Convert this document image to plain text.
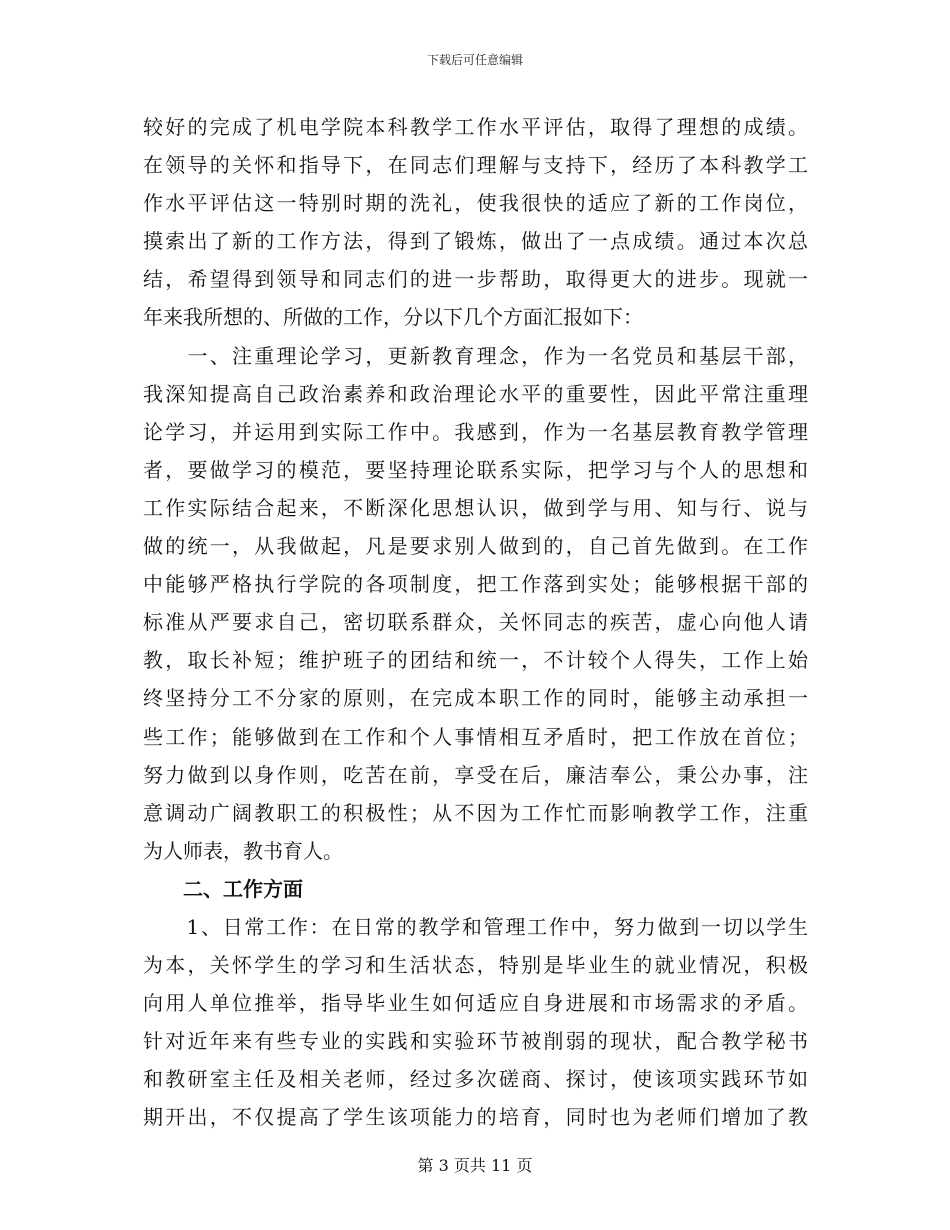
下载后可任意编辑
较好的完成了机电学院本科教学工作水平评估，取得了理想的成绩。
在领导的关怀和指导下，在同志们理解与支持下，经历了本科教学工
作水平评估这一特别时期的洗礼，使我很快的适应了新的工作岗位，
摸索出了新的工作方法，得到了锻炼，做出了一点成绩。通过本次总
结，希望得到领导和同志们的进一步帮助，取得更大的进步。现就一
年来我所想的、所做的工作，分以下几个方面汇报如下：
　　一、注重理论学习，更新教育理念，作为一名党员和基层干部，
我深知提高自己政治素养和政治理论水平的重要性，因此平常注重理
论学习，并运用到实际工作中。我感到，作为一名基层教育教学管理
者，要做学习的模范，要坚持理论联系实际，把学习与个人的思想和
工作实际结合起来，不断深化思想认识，做到学与用、知与行、说与
做的统一，从我做起，凡是要求别人做到的，自己首先做到。在工作
中能够严格执行学院的各项制度，把工作落到实处；能够根据干部的
标准从严要求自己，密切联系群众，关怀同志的疾苦，虚心向他人请
教，取长补短；维护班子的团结和统一，不计较个人得失，工作上始
终坚持分工不分家的原则，在完成本职工作的同时，能够主动承担一
些工作；能够做到在工作和个人事情相互矛盾时，把工作放在首位；
努力做到以身作则，吃苦在前，享受在后，廉洁奉公，秉公办事，注
意调动广阔教职工的积极性；从不因为工作忙而影响教学工作，注重
为人师表，教书育人。
　　二、工作方面
　　1、日常工作：在日常的教学和管理工作中，努力做到一切以学生
为本，关怀学生的学习和生活状态，特别是毕业生的就业情况，积极
向用人单位推举，指导毕业生如何适应自身进展和市场需求的矛盾。
针对近年来有些专业的实践和实验环节被削弱的现状，配合教学秘书
和教研室主任及相关老师，经过多次磋商、探讨，使该项实践环节如
期开出，不仅提高了学生该项能力的培育，同时也为老师们增加了教
第 3 页共 11 页
